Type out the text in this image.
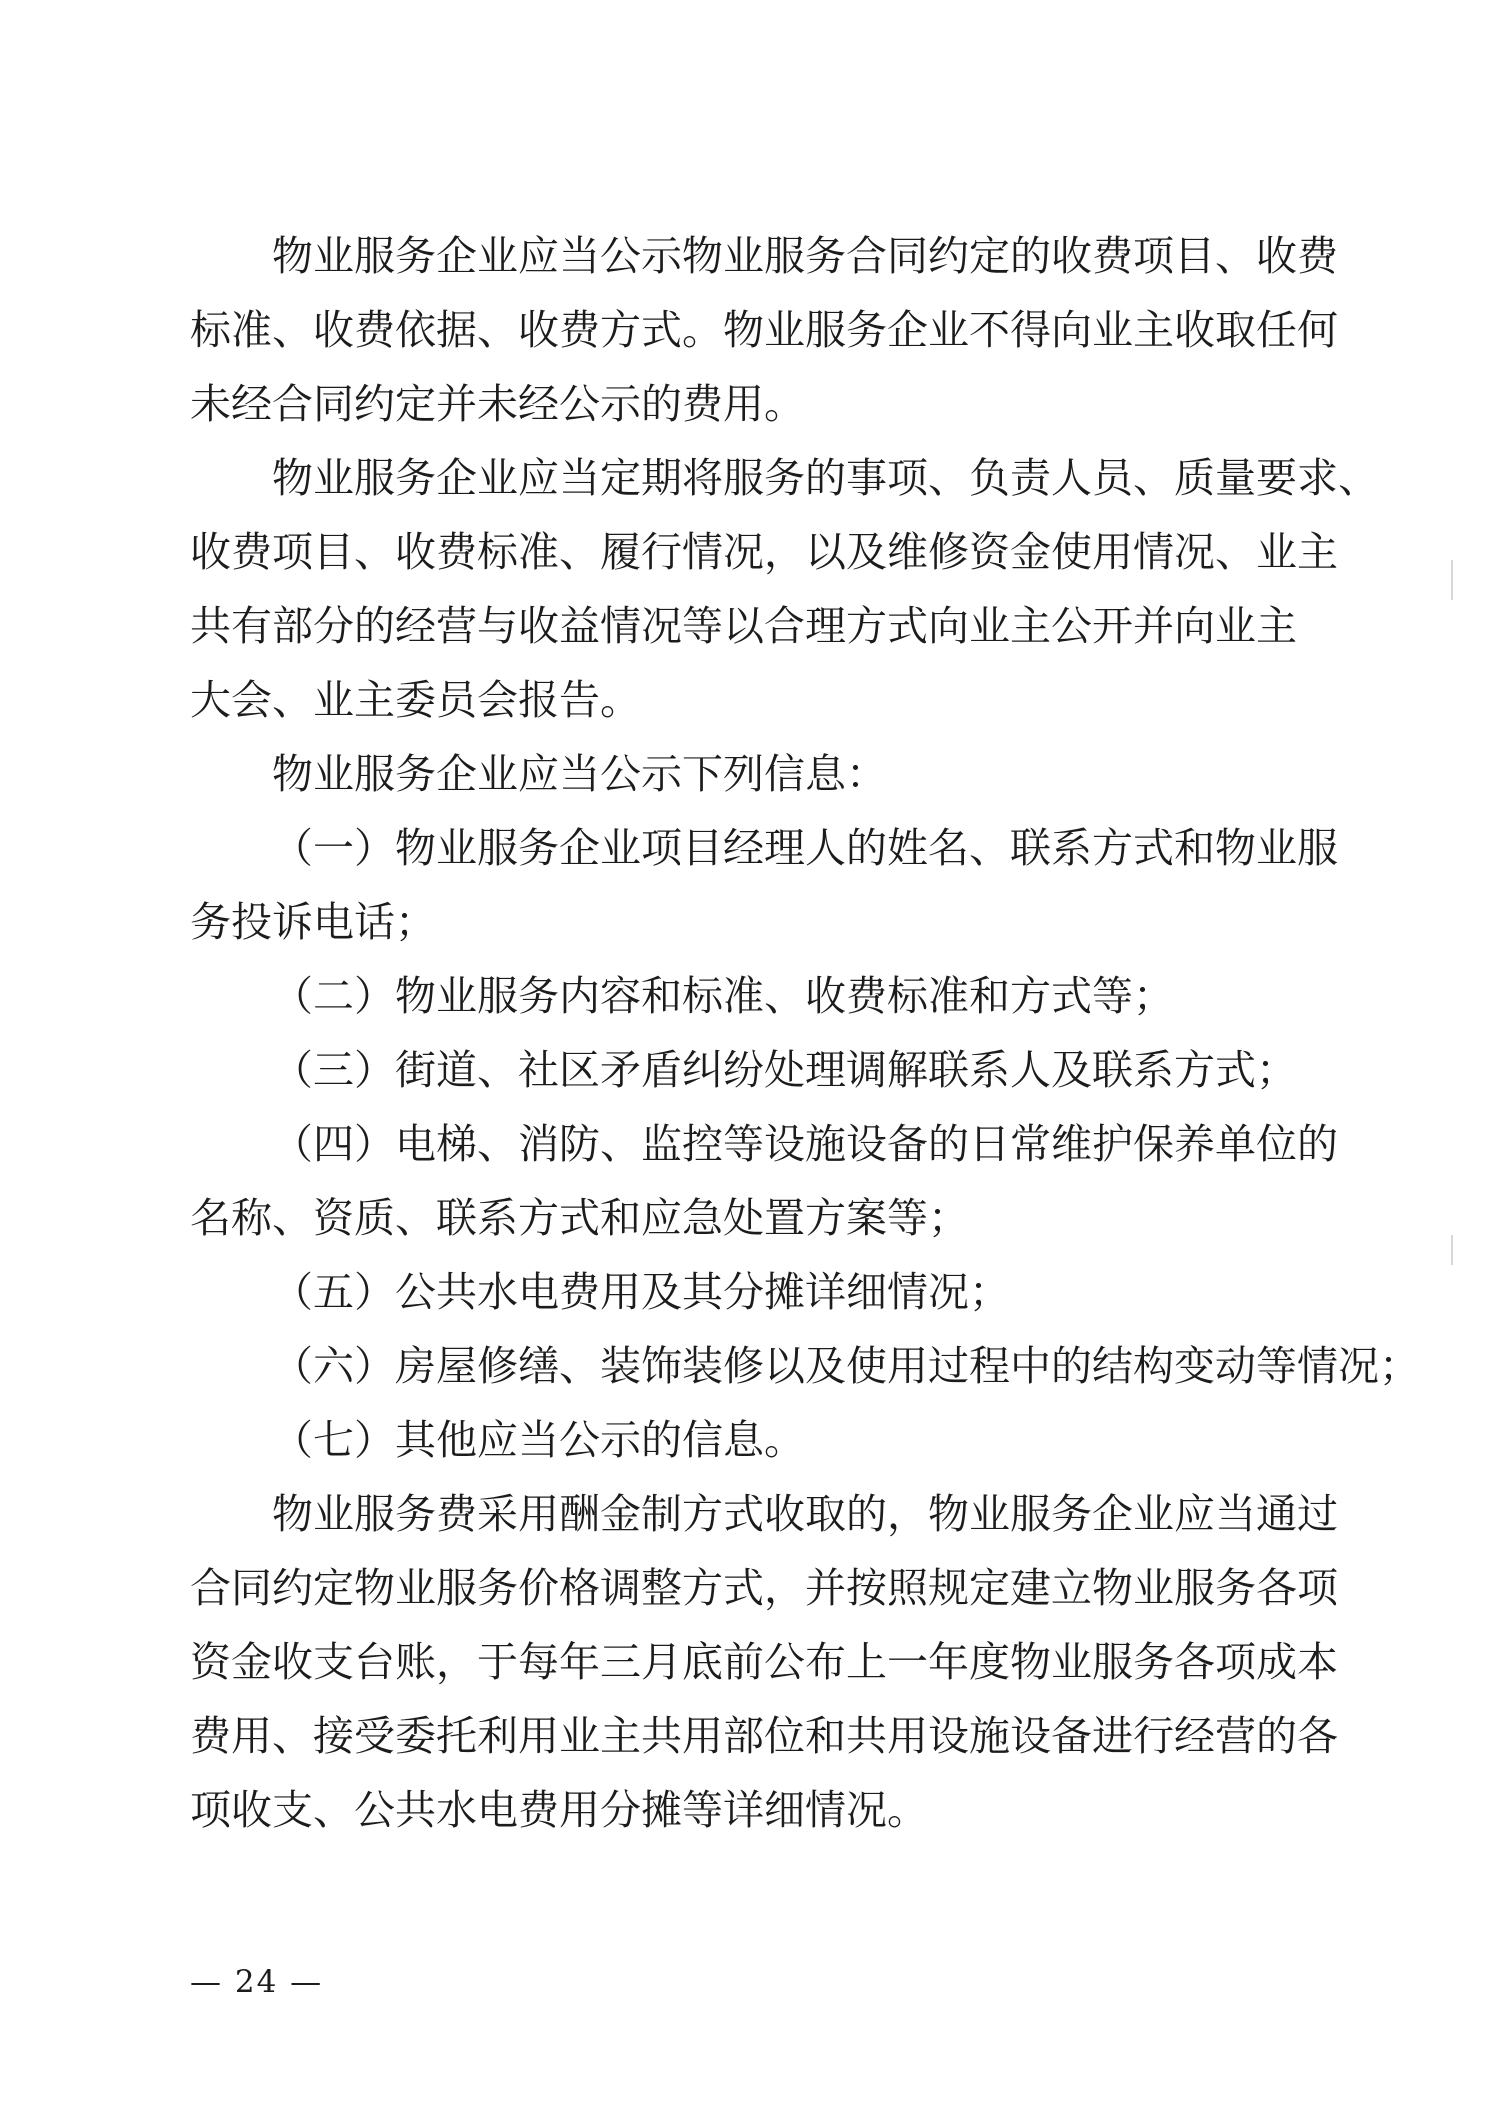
物业服务企业应当公示物业服务合同约定的收费项目、收费

标准、收费依据、收费方式。物业服务企业不得向业主收取任何

未经合同约定并未经公示的费用。

物业服务企业应当定期将服务的事项、负责人员、质量要求、

收费项目、收费标准、履行情况，以及维修资金使用情况、业主

共有部分的经营与收益情况等以合理方式向业主公开并向业主

大会、业主委员会报告。

物业服务企业应当公示下列信息：

（一）物业服务企业项目经理人的姓名、联系方式和物业服

务投诉电话；

（二）物业服务内容和标准、收费标准和方式等；

（三）街道、社区矛盾纠纷处理调解联系人及联系方式；

（四）电梯、消防、监控等设施设备的日常维护保养单位的

名称、资质、联系方式和应急处置方案等；

（五）公共水电费用及其分摊详细情况；

（六）房屋修缮、装饰装修以及使用过程中的结构变动等情况；

（七）其他应当公示的信息。

物业服务费采用酬金制方式收取的，物业服务企业应当通过

合同约定物业服务价格调整方式，并按照规定建立物业服务各项

资金收支台账，于每年三月底前公布上一年度物业服务各项成本

费用、接受委托利用业主共用部位和共用设施设备进行经营的各

项收支、公共水电费用分摊等详细情况。

— 24 —
